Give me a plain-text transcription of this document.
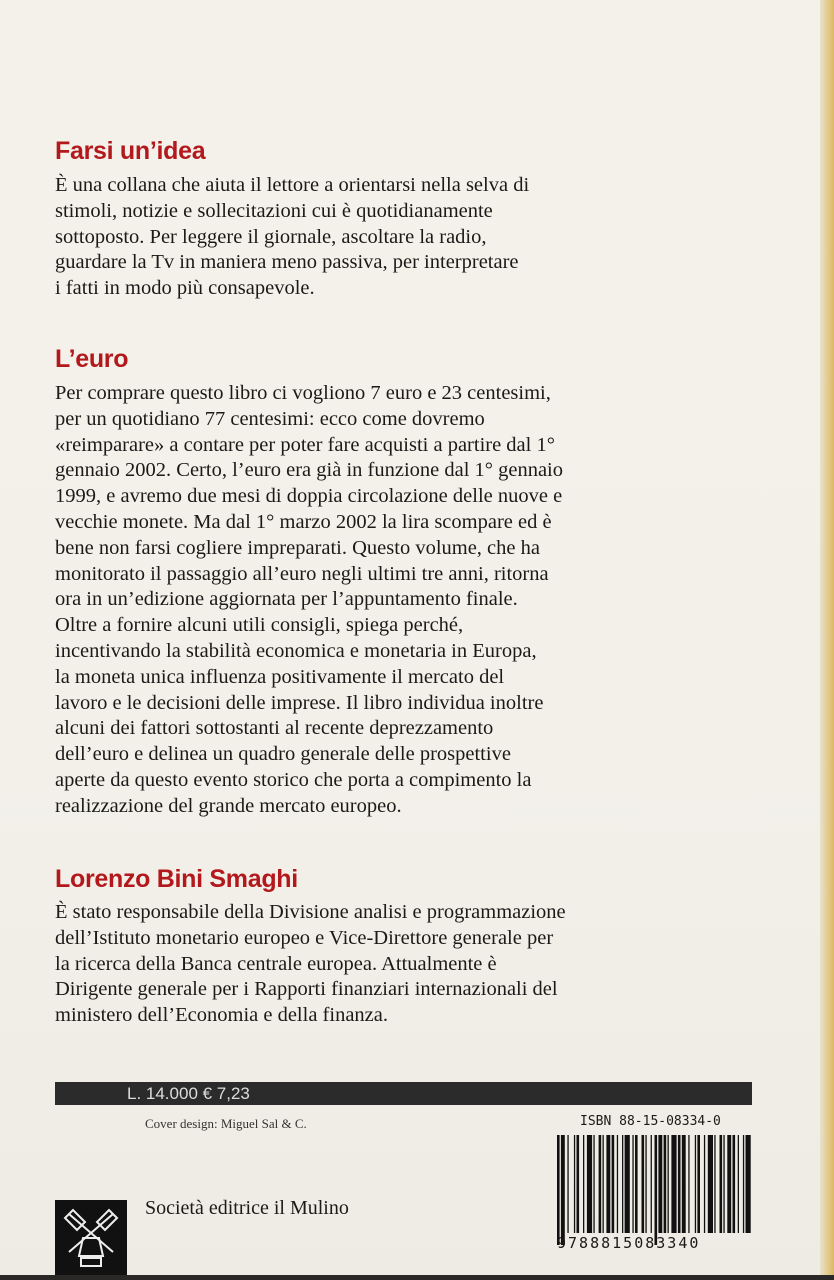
Farsi un’idea
È una collana che aiuta il lettore a orientarsi nella selva di
stimoli, notizie e sollecitazioni cui è quotidianamente
sottoposto. Per leggere il giornale, ascoltare la radio,
guardare la Tv in maniera meno passiva, per interpretare
i fatti in modo più consapevole.
L’euro
Per comprare questo libro ci vogliono 7 euro e 23 centesimi,
per un quotidiano 77 centesimi: ecco come dovremo
«reimparare» a contare per poter fare acquisti a partire dal 1°
gennaio 2002. Certo, l’euro era già in funzione dal 1° gennaio
1999, e avremo due mesi di doppia circolazione delle nuove e
vecchie monete. Ma dal 1° marzo 2002 la lira scompare ed è
bene non farsi cogliere impreparati. Questo volume, che ha
monitorato il passaggio all’euro negli ultimi tre anni, ritorna
ora in un’edizione aggiornata per l’appuntamento finale.
Oltre a fornire alcuni utili consigli, spiega perché,
incentivando la stabilità economica e monetaria in Europa,
la moneta unica influenza positivamente il mercato del
lavoro e le decisioni delle imprese. Il libro individua inoltre
alcuni dei fattori sottostanti al recente deprezzamento
dell’euro e delinea un quadro generale delle prospettive
aperte da questo evento storico che porta a compimento la
realizzazione del grande mercato europeo.
Lorenzo Bini Smaghi
È stato responsabile della Divisione analisi e programmazione
dell’Istituto monetario europeo e Vice-Direttore generale per
la ricerca della Banca centrale europea. Attualmente è
Dirigente generale per i Rapporti finanziari internazionali del
ministero dell’Economia e della finanza.
L. 14.000 € 7,23
Cover design: Miguel Sal & C.	ISBN 88-15-08334-0
9788815083340
Società editrice il Mulino
